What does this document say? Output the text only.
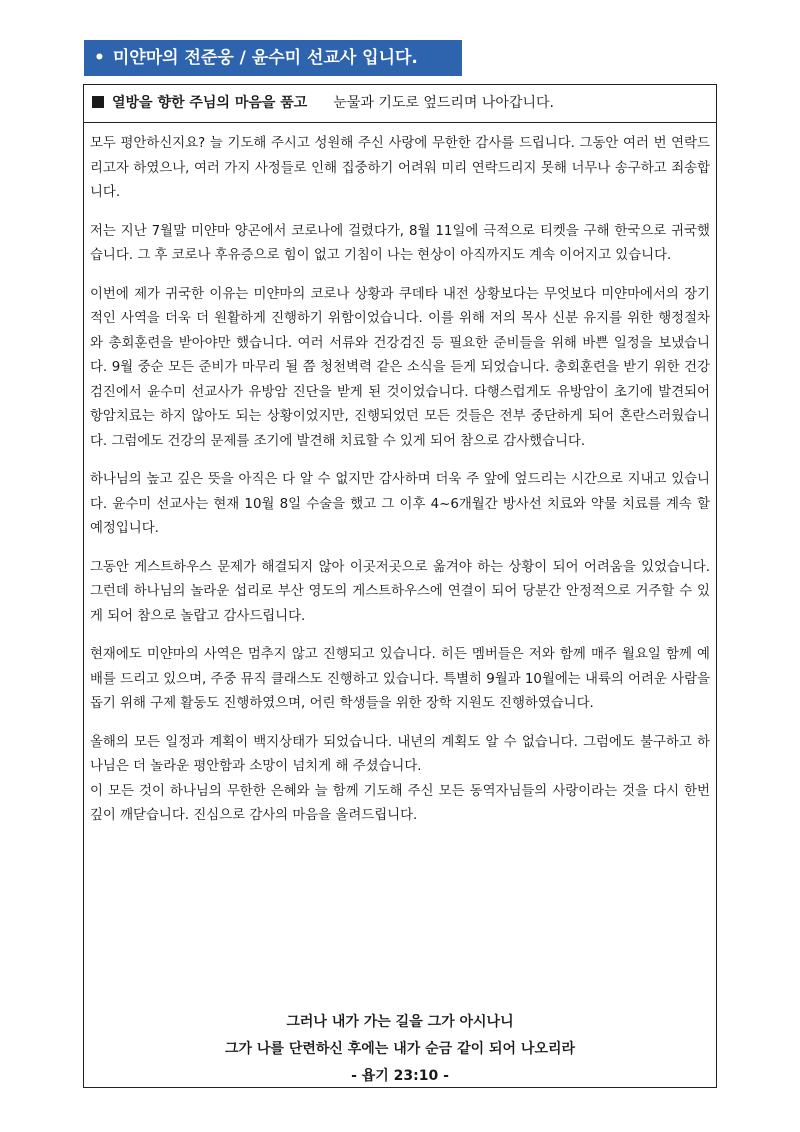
• 미얀마의 전준웅 / 윤수미 선교사 입니다.
열방을 향한 주님의 마음을 품고 눈물과 기도로 엎드리며 나아갑니다.

모두 평안하신지요? 늘 기도해 주시고 성원해 주신 사랑에 무한한 감사를 드립니다. 그동안 여러 번 연락드리고자 하였으나, 여러 가지 사정들로 인해 집중하기 어려워 미리 연락드리지 못해 너무나 송구하고 죄송합니다.

저는 지난 7월말 미얀마 양곤에서 코로나에 걸렸다가, 8월 11일에 극적으로 티켓을 구해 한국으로 귀국했습니다. 그 후 코로나 후유증으로 힘이 없고 기침이 나는 현상이 아직까지도 계속 이어지고 있습니다.

이번에 제가 귀국한 이유는 미얀마의 코로나 상황과 쿠데타 내전 상황보다는 무엇보다 미얀마에서의 장기적인 사역을 더욱 더 원활하게 진행하기 위함이었습니다. 이를 위해 저의 목사 신분 유지를 위한 행정절차와 총회훈련을 받아야만 했습니다. 여러 서류와 건강검진 등 필요한 준비들을 위해 바쁜 일정을 보냈습니다. 9월 중순 모든 준비가 마무리 될 쯤 청천벽력 같은 소식을 듣게 되었습니다. 총회훈련을 받기 위한 건강검진에서 윤수미 선교사가 유방암 진단을 받게 된 것이었습니다. 다행스럽게도 유방암이 초기에 발견되어 항암치료는 하지 않아도 되는 상황이었지만, 진행되었던 모든 것들은 전부 중단하게 되어 혼란스러웠습니다. 그럼에도 건강의 문제를 조기에 발견해 치료할 수 있게 되어 참으로 감사했습니다.

하나님의 높고 깊은 뜻을 아직은 다 알 수 없지만 감사하며 더욱 주 앞에 엎드리는 시간으로 지내고 있습니다. 윤수미 선교사는 현재 10월 8일 수술을 했고 그 이후 4~6개월간 방사선 치료와 약물 치료를 계속 할 예정입니다.

그동안 게스트하우스 문제가 해결되지 않아 이곳저곳으로 옮겨야 하는 상황이 되어 어려움을 있었습니다. 그런데 하나님의 놀라운 섭리로 부산 영도의 게스트하우스에 연결이 되어 당분간 안정적으로 거주할 수 있게 되어 참으로 놀랍고 감사드립니다.

현재에도 미얀마의 사역은 멈추지 않고 진행되고 있습니다. 히든 멤버들은 저와 함께 매주 월요일 함께 예배를 드리고 있으며, 주중 뮤직 클래스도 진행하고 있습니다. 특별히 9월과 10월에는 내륙의 어려운 사람을 돕기 위해 구제 활동도 진행하였으며, 어린 학생들을 위한 장학 지원도 진행하였습니다.

올해의 모든 일정과 계획이 백지상태가 되었습니다. 내년의 계획도 알 수 없습니다. 그럼에도 불구하고 하나님은 더 놀라운 평안함과 소망이 넘치게 해 주셨습니다.

이 모든 것이 하나님의 무한한 은혜와 늘 함께 기도해 주신 모든 동역자님들의 사랑이라는 것을 다시 한번 깊이 깨닫습니다. 진심으로 감사의 마음을 올려드립니다.

그러나 내가 가는 길을 그가 아시나니
그가 나를 단련하신 후에는 내가 순금 같이 되어 나오리라
- 욥기 23:10 -
